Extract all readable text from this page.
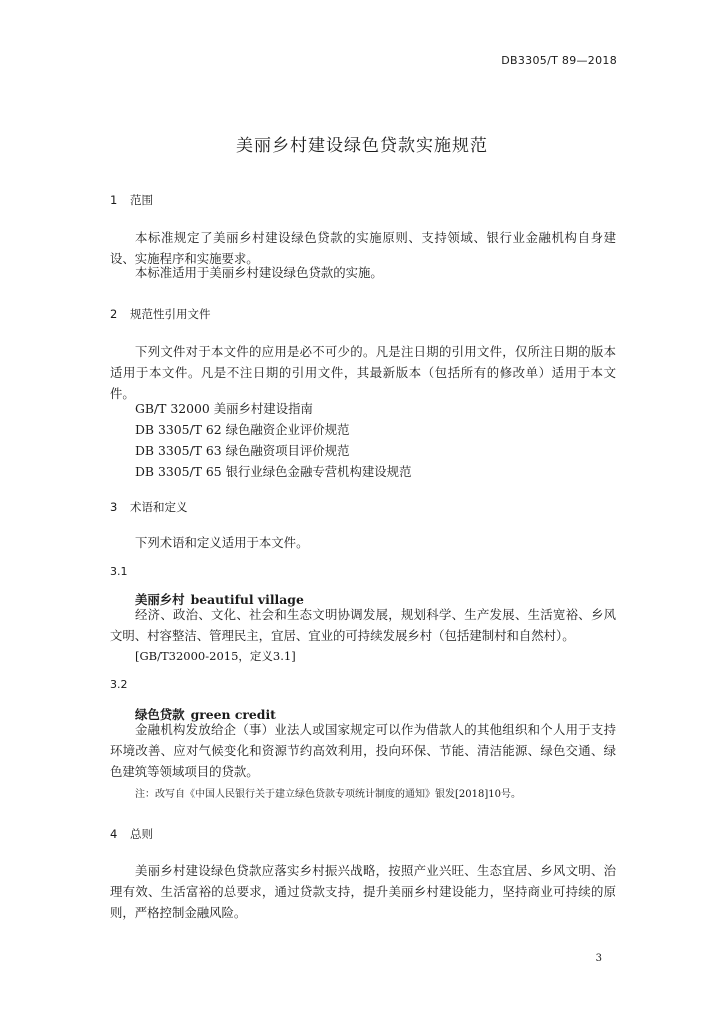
DB3305/T 89—2018
美丽乡村建设绿色贷款实施规范
1 范围

本标准规定了美丽乡村建设绿色贷款的实施原则、支持领域、银行业金融机构自身建设、实施程序和实施要求。

本标准适用于美丽乡村建设绿色贷款的实施。

2 规范性引用文件

下列文件对于本文件的应用是必不可少的。凡是注日期的引用文件，仅所注日期的版本适用于本文件。凡是不注日期的引用文件，其最新版本（包括所有的修改单）适用于本文件。

GB/T 32000 美丽乡村建设指南
DB 3305/T 62 绿色融资企业评价规范
DB 3305/T 63 绿色融资项目评价规范
DB 3305/T 65 银行业绿色金融专营机构建设规范
3 术语和定义

下列术语和定义适用于本文件。

3.1
美丽乡村 beautiful village

经济、政治、文化、社会和生态文明协调发展，规划科学、生产发展、生活宽裕、乡风文明、村容整洁、管理民主，宜居、宜业的可持续发展乡村（包括建制村和自然村）。

[GB/T32000-2015，定义3.1]
3.2
绿色贷款 green credit

金融机构发放给企（事）业法人或国家规定可以作为借款人的其他组织和个人用于支持环境改善、应对气候变化和资源节约高效利用，投向环保、节能、清洁能源、绿色交通、绿色建筑等领域项目的贷款。

注：改写自《中国人民银行关于建立绿色贷款专项统计制度的通知》银发[2018]10号。
4 总则

美丽乡村建设绿色贷款应落实乡村振兴战略，按照产业兴旺、生态宜居、乡风文明、治理有效、生活富裕的总要求，通过贷款支持，提升美丽乡村建设能力，坚持商业可持续的原则，严格控制金融风险。

3
